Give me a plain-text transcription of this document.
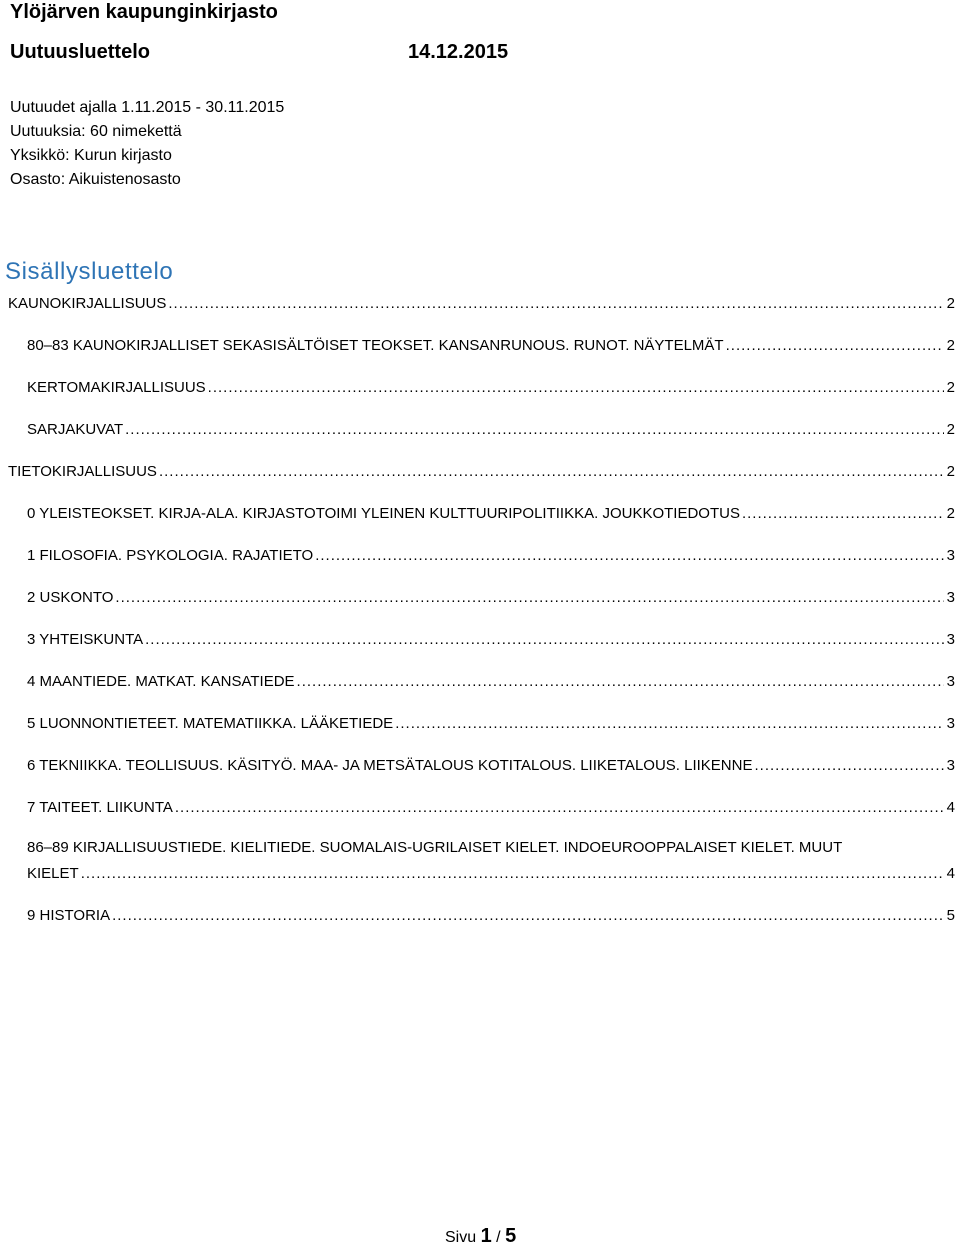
Ylöjärven kaupunginkirjasto
Uutuusluettelo	14.12.2015
Uutuudet ajalla 1.11.2015 - 30.11.2015
Uutuuksia: 60 nimekettä
Yksikkö: Kurun kirjasto
Osasto: Aikuistenosasto
Sisällysluettelo
KAUNOKIRJALLISUUS .....	2
80–83 KAUNOKIRJALLISET SEKASISÄLTÖISET TEOKSET. KANSANRUNOUS. RUNOT. NÄYTELMÄT .....	2
KERTOMAKIRJALLISUUS .....	2
SARJAKUVAT .....	2
TIETOKIRJALLISUUS .....	2
0 YLEISTEOKSET. KIRJA-ALA. KIRJASTOTOIMI YLEINEN KULTTUURIPOLITIIKKA. JOUKKOTIEDOTUS .....	2
1 FILOSOFIA. PSYKOLOGIA. RAJATIETO .....	3
2 USKONTO .....	3
3 YHTEISKUNTA .....	3
4 MAANTIEDE. MATKAT. KANSATIEDE .....	3
5 LUONNONTIETEET. MATEMATIIKKA. LÄÄKETIEDE .....	3
6 TEKNIIKKA. TEOLLISUUS. KÄSITYÖ. MAA- JA METSÄTALOUS KOTITALOUS. LIIKETALOUS. LIIKENNE .....	3
7 TAITEET. LIIKUNTA .....	4
86–89 KIRJALLISUUSTIEDE. KIELITIEDE. SUOMALAIS-UGRILAISET KIELET. INDOEUROOPPALAISET KIELET. MUUT
KIELET .....	4
9 HISTORIA .....	5
Sivu 1 / 5
